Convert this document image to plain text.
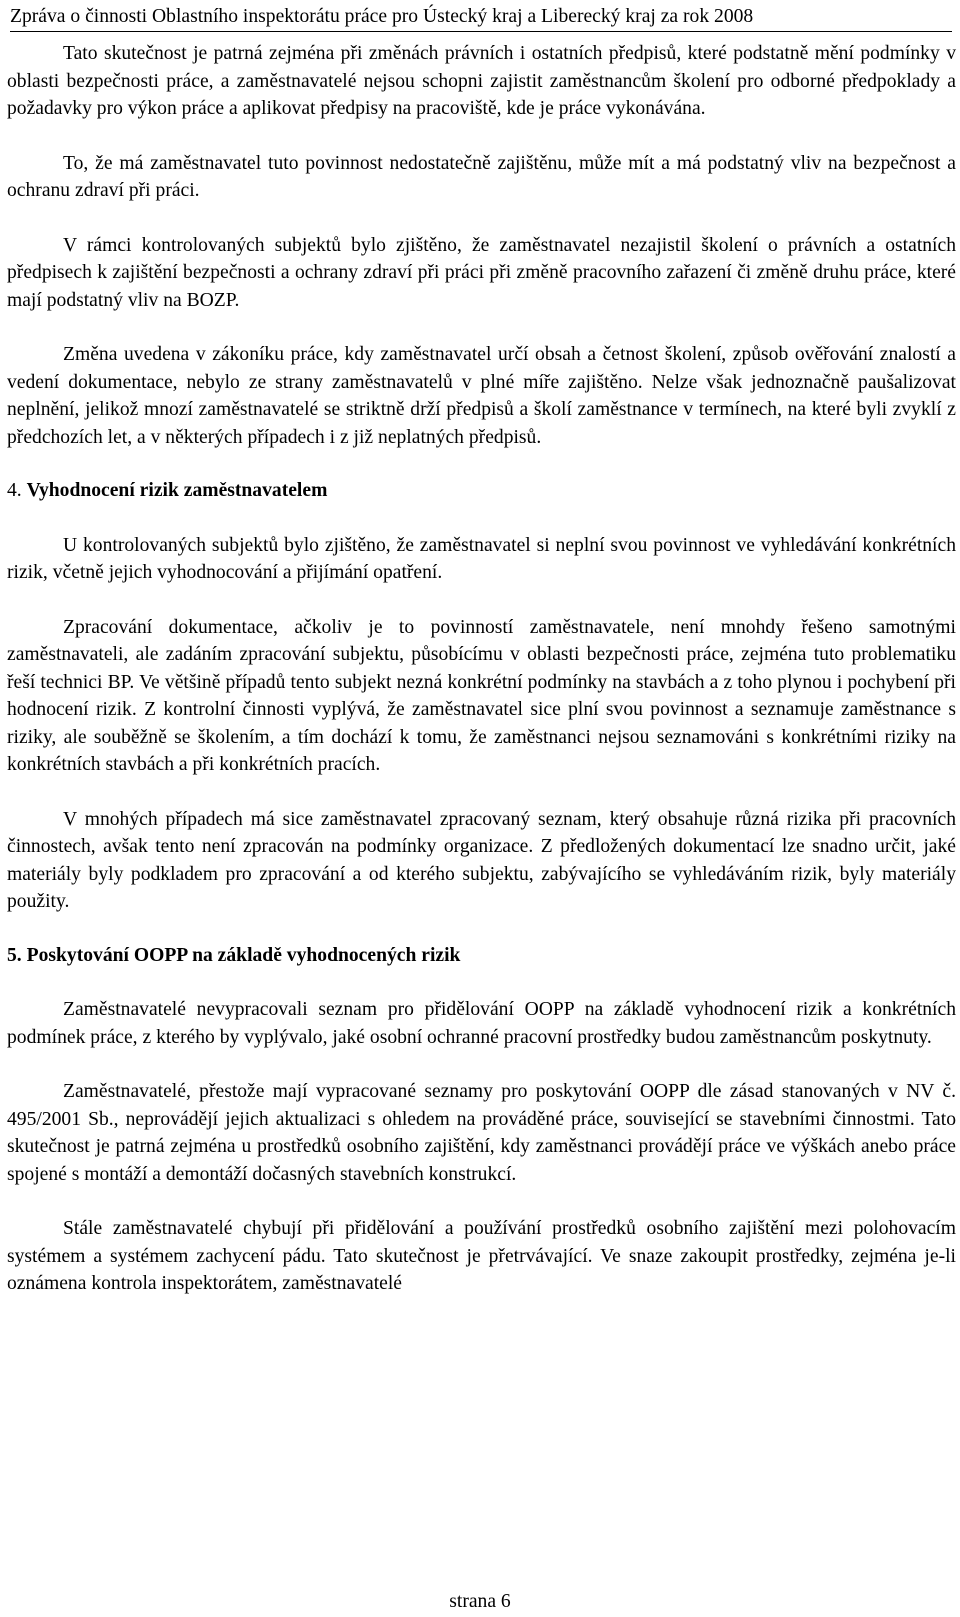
Zpráva o činnosti Oblastního inspektorátu práce pro Ústecký kraj a Liberecký kraj za rok 2008

Tato skutečnost je patrná zejména při změnách právních i ostatních předpisů, které podstatně mění podmínky v oblasti bezpečnosti práce, a zaměstnavatelé nejsou schopni zajistit zaměstnancům školení pro odborné předpoklady a požadavky pro výkon práce a aplikovat předpisy na pracoviště, kde je práce vykonávána.

To, že má zaměstnavatel tuto povinnost nedostatečně zajištěnu, může mít a má podstatný vliv na bezpečnost a ochranu zdraví při práci.

V rámci kontrolovaných subjektů bylo zjištěno, že zaměstnavatel nezajistil školení o právních a ostatních předpisech k zajištění bezpečnosti a ochrany zdraví při práci při změně pracovního zařazení či změně druhu práce, které mají podstatný vliv na BOZP.

Změna uvedena v zákoníku práce, kdy zaměstnavatel určí obsah a četnost školení, způsob ověřování znalostí a vedení dokumentace, nebylo ze strany zaměstnavatelů v plné míře zajištěno. Nelze však jednoznačně paušalizovat neplnění, jelikož mnozí zaměstnavatelé se striktně drží předpisů a školí zaměstnance v termínech, na které byli zvyklí z předchozích let, a v některých případech i z již neplatných předpisů.

4. Vyhodnocení rizik zaměstnavatelem

U kontrolovaných subjektů bylo zjištěno, že zaměstnavatel si neplní svou povinnost ve vyhledávání konkrétních rizik, včetně jejich vyhodnocování a přijímání opatření.

Zpracování dokumentace, ačkoliv je to povinností zaměstnavatele, není mnohdy řešeno samotnými zaměstnavateli, ale zadáním zpracování subjektu, působícímu v oblasti bezpečnosti práce, zejména tuto problematiku řeší technici BP. Ve většině případů tento subjekt nezná konkrétní podmínky na stavbách a z toho plynou i pochybení při hodnocení rizik. Z kontrolní činnosti vyplývá, že zaměstnavatel sice plní svou povinnost a seznamuje zaměstnance s riziky, ale souběžně se školením, a tím dochází k tomu, že zaměstnanci nejsou seznamováni s konkrétními riziky na konkrétních stavbách a při konkrétních pracích.

V mnohých případech má sice zaměstnavatel zpracovaný seznam, který obsahuje různá rizika při pracovních činnostech, avšak tento není zpracován na podmínky organizace. Z předložených dokumentací lze snadno určit, jaké materiály byly podkladem pro zpracování a od kterého subjektu, zabývajícího se vyhledáváním rizik, byly materiály použity.

5. Poskytování OOPP na základě vyhodnocených rizik

Zaměstnavatelé nevypracovali seznam pro přidělování OOPP na základě vyhodnocení rizik a konkrétních podmínek práce, z kterého by vyplývalo, jaké osobní ochranné pracovní prostředky budou zaměstnancům poskytnuty.

Zaměstnavatelé, přestože mají vypracované seznamy pro poskytování OOPP dle zásad stanovaných v NV č. 495/2001 Sb., neprovádějí jejich aktualizaci s ohledem na prováděné práce, související se stavebními činnostmi. Tato skutečnost je patrná zejména u prostředků osobního zajištění, kdy zaměstnanci provádějí práce ve výškách anebo práce spojené s montáží a demontáží dočasných stavebních konstrukcí.

Stále zaměstnavatelé chybují při přidělování a používání prostředků osobního zajištění mezi polohovacím systémem a systémem zachycení pádu. Tato skutečnost je přetrvávající. Ve snaze zakoupit prostředky, zejména je-li oznámena kontrola inspektorátem, zaměstnavatelé

strana 6
